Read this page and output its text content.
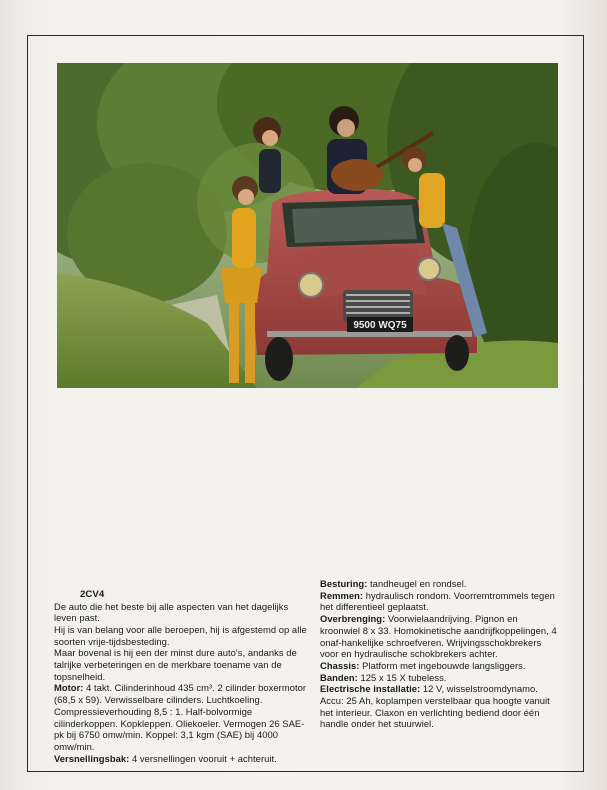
9500 WQ75
2CV4

De auto die het beste bij alle aspecten van het dagelijks leven past.

Hij is van belang voor alle beroepen, hij is afgestemd op alle soorten vrije-tijdsbesteding.

Maar bovenal is hij een der minst dure auto's, andanks de talrijke verbeteringen en de merkbare toename van de topsnelheid.

Motor: 4 takt. Cilinderinhoud 435 cm³. 2 cilinder boxermotor (68,5 x 59). Verwisselbare cilinders. Luchtkoeling. Compressieverhouding 8,5 : 1. Half-bolvormige cilinderkoppen. Kopkleppen. Oliekoeler. Vermogen 26 SAE-pk bij 6750 omw/min. Koppel: 3,1 kgm (SAE) bij 4000 omw/min.

Versnellingsbak: 4 versnellingen vooruit + achteruit.

Besturing: tandheugel en rondsel.

Remmen: hydraulisch rondom. Voorremtrommels tegen het differentieel geplaatst.

Overbrenging: Voorwielaandrijving. Pignon en kroonwiel 8 x 33. Homokinetische aandrijfkoppelingen, 4 onaf-hankelijke schroefveren. Wrijvingsschokbrekers voor en hydraulische schokbrekers achter.

Chassis: Platform met ingebouwde langsliggers.

Banden: 125 x 15 X tubeless.

Electrische installatie: 12 V, wisselstroomdynamo. Accu: 25 Ah, koplampen verstelbaar qua hoogte vanuit het interieur. Claxon en verlichting bediend door één handle onder het stuurwiel.
